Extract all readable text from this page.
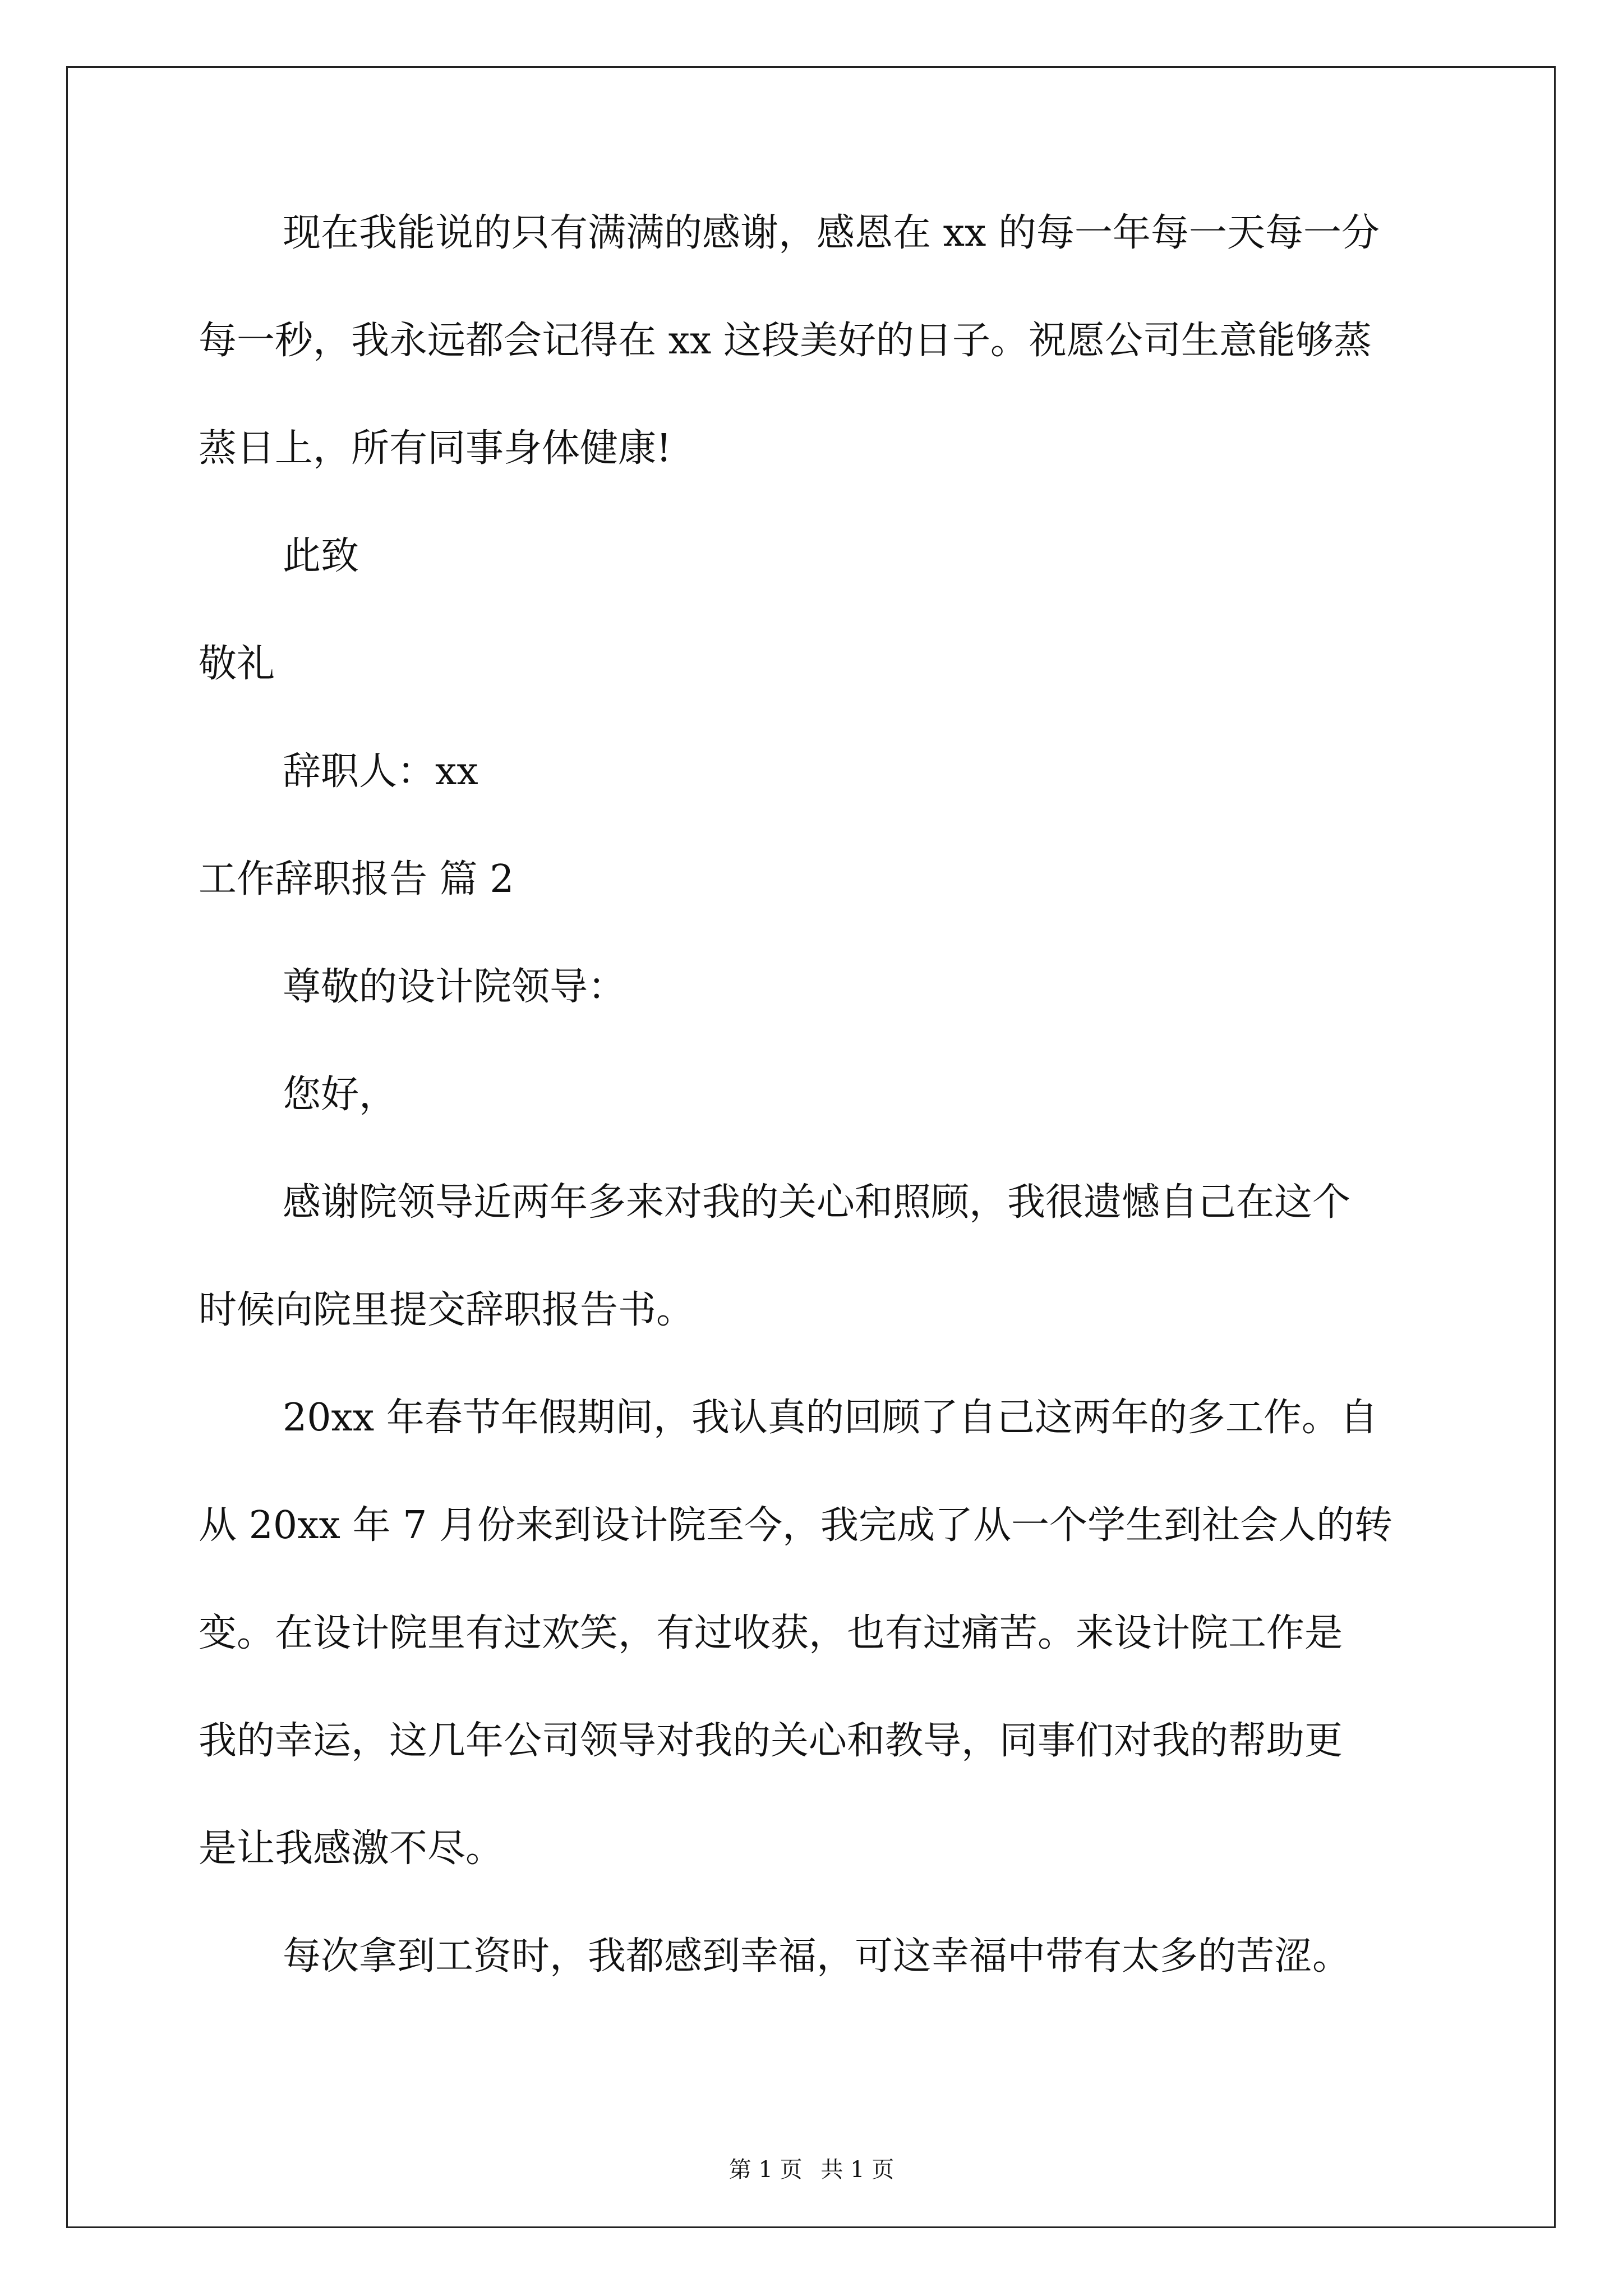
现在我能说的只有满满的感谢，感恩在 xx 的每一年每一天每一分

每一秒，我永远都会记得在 xx 这段美好的日子。祝愿公司生意能够蒸

蒸日上，所有同事身体健康!

此致

敬礼

辞职人：xx

工作辞职报告 篇 2

尊敬的设计院领导：

您好，

感谢院领导近两年多来对我的关心和照顾，我很遗憾自己在这个

时候向院里提交辞职报告书。

20xx 年春节年假期间，我认真的回顾了自己这两年的多工作。自

从 20xx 年 7 月份来到设计院至今，我完成了从一个学生到社会人的转

变。在设计院里有过欢笑，有过收获，也有过痛苦。来设计院工作是

我的幸运，这几年公司领导对我的关心和教导，同事们对我的帮助更

是让我感激不尽。

每次拿到工资时，我都感到幸福，可这幸福中带有太多的苦涩。

第 1 页 共 1 页
